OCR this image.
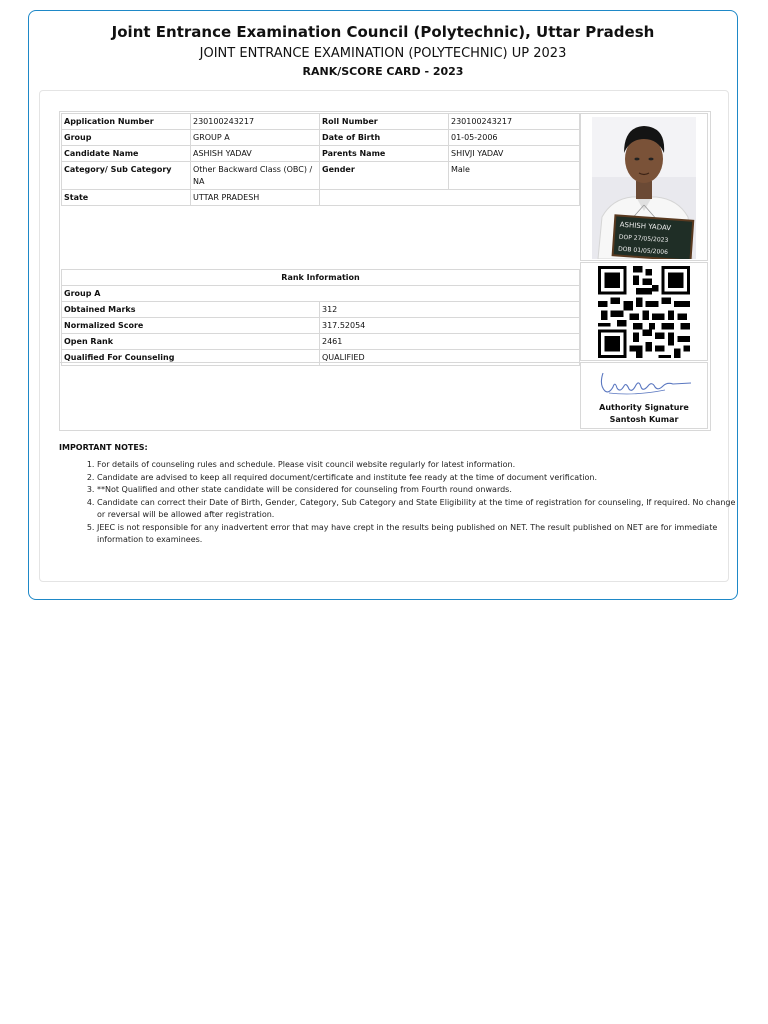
Joint Entrance Examination Council (Polytechnic), Uttar Pradesh
JOINT ENTRANCE EXAMINATION (POLYTECHNIC) UP 2023
RANK/SCORE CARD - 2023
Application Number	230100243217	Roll Number	230100243217
Group	GROUP A	Date of Birth	01-05-2006
Candidate Name	ASHISH YADAV	Parents Name	SHIVJI YADAV
Category/ Sub Category	Other Backward Class (OBC) / NA	Gender	Male
State	UTTAR PRADESH		
ASHISH YADAV
DOP 27/05/2023
DOB 01/05/2006
Rank Information	
Group A	
Obtained Marks	312
Normalized Score	317.52054
Open Rank	2461
Qualified For Counseling	QUALIFIED
Authority Signature
Santosh Kumar
IMPORTANT NOTES:
1. For details of counseling rules and schedule. Please visit council website regularly for latest information.
2. Candidate are advised to keep all required document/certificate and institute fee ready at the time of document verification.
3. **Not Qualified and other state candidate will be considered for counseling from Fourth round onwards.
4. Candidate can correct their Date of Birth, Gender, Category, Sub Category and State Eligibility at the time of registration for counseling, If required. No change or reversal will be allowed after registration.
5. JEEC is not responsible for any inadvertent error that may have crept in the results being published on NET. The result published on NET are for immediate information to examinees.
